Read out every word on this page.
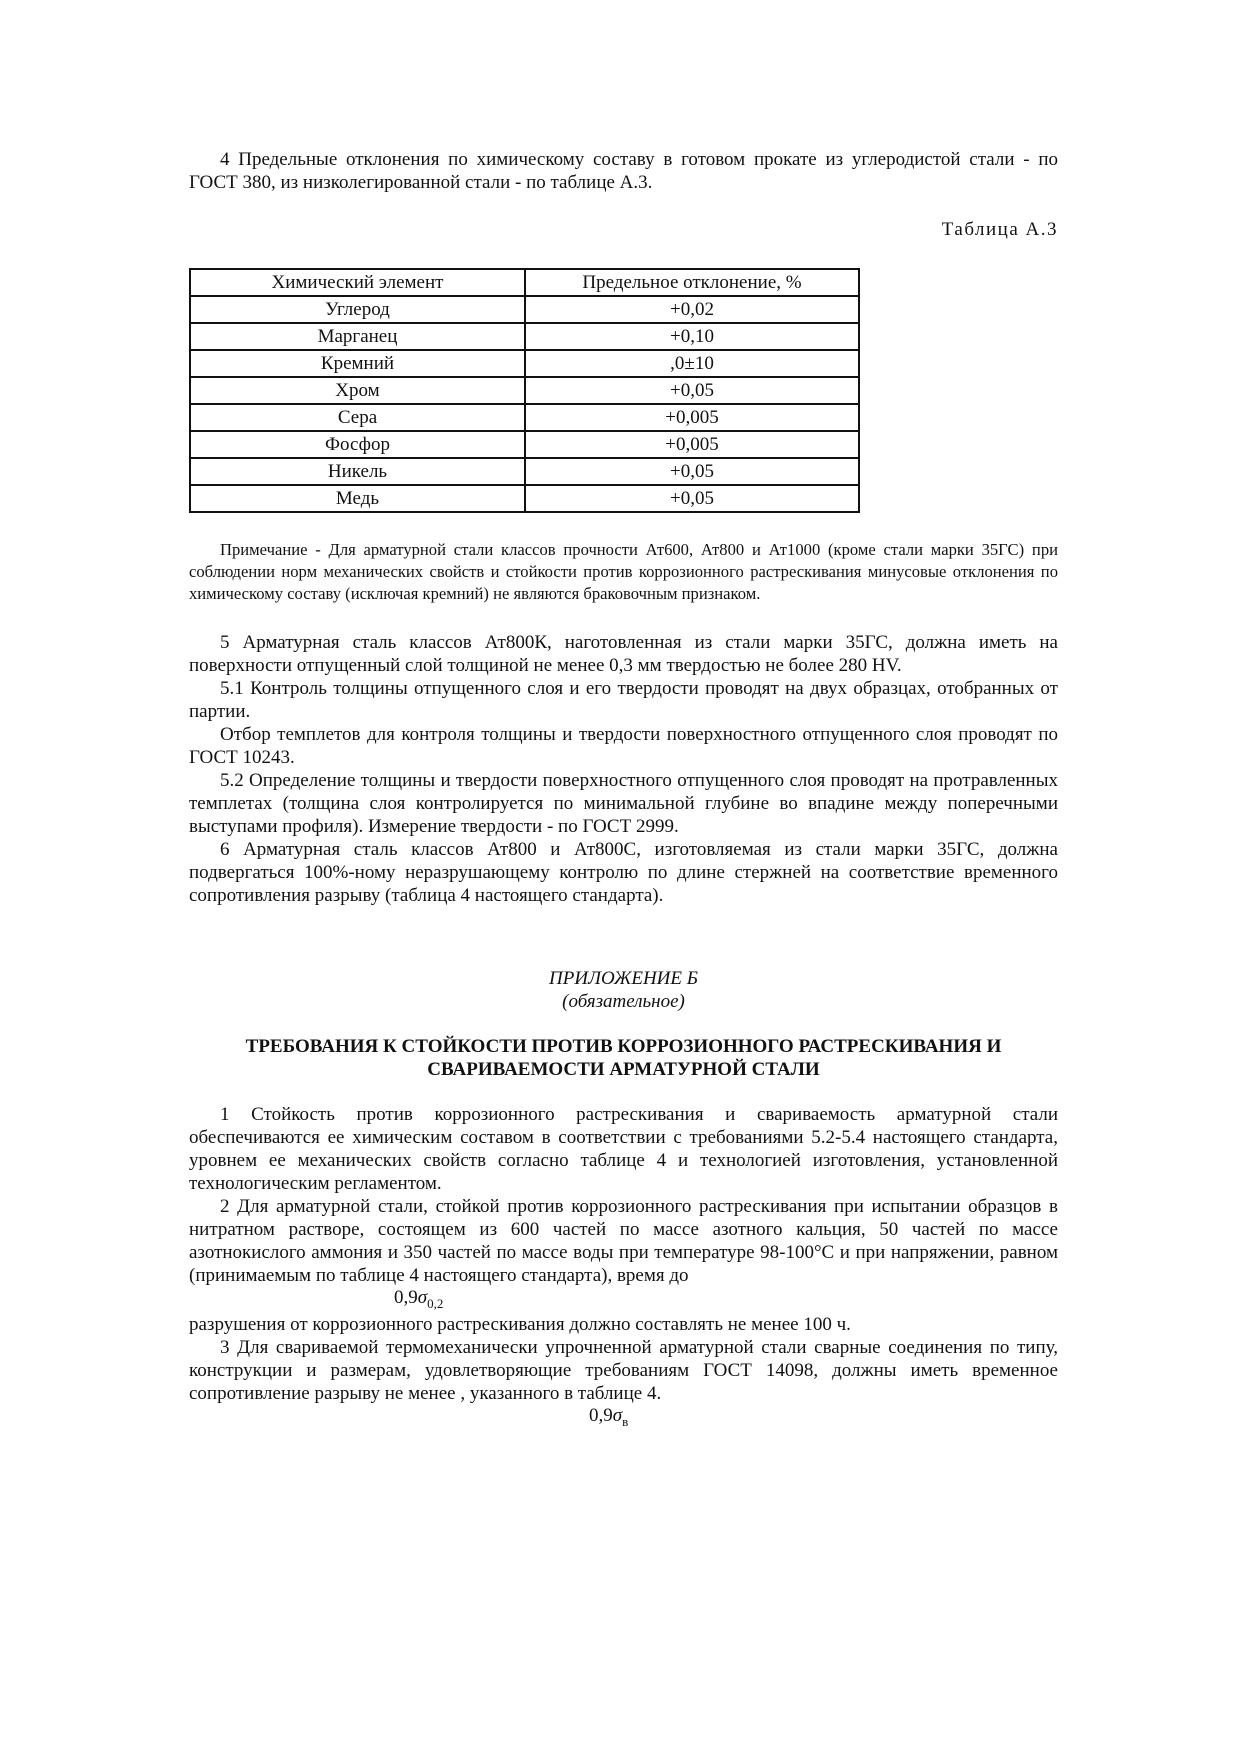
4 Предельные отклонения по химическому составу в готовом прокате из углеродистой стали - по ГОСТ 380, из низколегированной стали - по таблице А.3.

Таблица А.3

Химический элемент	Предельное отклонение, %
Углерод	+0,02
Марганец	+0,10
Кремний	,0±10
Хром	+0,05
Сера	+0,005
Фосфор	+0,005
Никель	+0,05
Медь	+0,05

Примечание - Для арматурной стали классов прочности Ат600, Ат800 и Ат1000 (кроме стали марки 35ГС) при соблюдении норм механических свойств и стойкости против коррозионного растрескивания минусовые отклонения по химическому составу (исключая кремний) не являются браковочным признаком.

5 Арматурная сталь классов Ат800К, наготовленная из стали марки 35ГС, должна иметь на поверхности отпущенный слой толщиной не менее 0,3 мм твердостью не более 280 HV.

5.1 Контроль толщины отпущенного слоя и его твердости проводят на двух образцах, отобранных от партии.

Отбор темплетов для контроля толщины и твердости поверхностного отпущенного слоя проводят по ГОСТ 10243.

5.2 Определение толщины и твердости поверхностного отпущенного слоя проводят на протравленных темплетах (толщина слоя контролируется по минимальной глубине во впадине между поперечными выступами профиля). Измерение твердости - по ГОСТ 2999.

6 Арматурная сталь классов Ат800 и Ат800С, изготовляемая из стали марки 35ГС, должна подвергаться 100%-ному неразрушающему контролю по длине стержней на соответствие временного сопротивления разрыву (таблица 4 настоящего стандарта).

ПРИЛОЖЕНИЕ Б

(обязательное)

ТРЕБОВАНИЯ К СТОЙКОСТИ ПРОТИВ КОРРОЗИОННОГО РАСТРЕСКИВАНИЯ И СВАРИВАЕМОСТИ АРМАТУРНОЙ СТАЛИ

1 Стойкость против коррозионного растрескивания и свариваемость арматурной стали обеспечиваются ее химическим составом в соответствии с требованиями 5.2-5.4 настоящего стандарта, уровнем ее механических свойств согласно таблице 4 и технологией изготовления, установленной технологическим регламентом.

2 Для арматурной стали, стойкой против коррозионного растрескивания при испытании образцов в нитратном растворе, состоящем из 600 частей по массе азотного кальция, 50 частей по массе азотнокислого аммония и 350 частей по массе воды при температуре 98-100°С и при напряжении, равном (принимаемым по таблице 4 настоящего стандарта), время до

$0,9\sigma_{0,2}$

разрушения от коррозионного растрескивания должно составлять не менее 100 ч.

3 Для свариваемой термомеханически упрочненной арматурной стали сварные соединения по типу, конструкции и размерам, удовлетворяющие требованиям ГОСТ 14098, должны иметь временное сопротивление разрыву не менее , указанного в таблице 4.

$0,9\sigma_в$
